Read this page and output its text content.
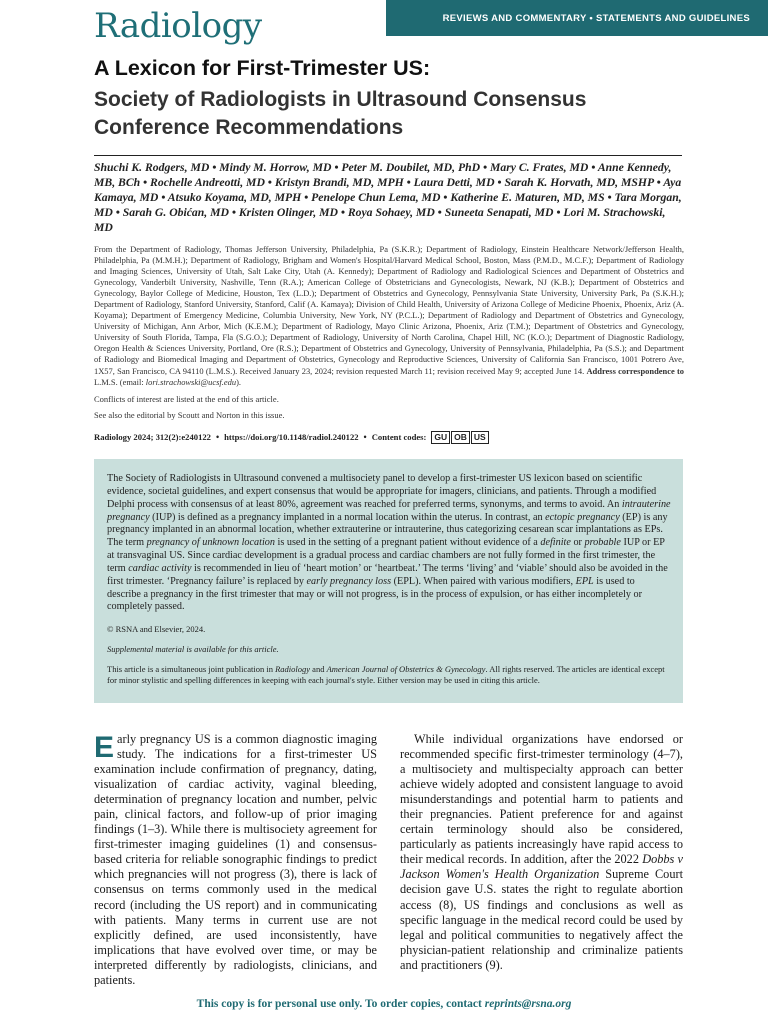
Radiology	REVIEWS AND COMMENTARY • STATEMENTS AND GUIDELINES
A Lexicon for First-Trimester US:
Society of Radiologists in Ultrasound Consensus Conference Recommendations
Shuchi K. Rodgers, MD • Mindy M. Horrow, MD • Peter M. Doubilet, MD, PhD • Mary C. Frates, MD • Anne Kennedy, MB, BCh • Rochelle Andreotti, MD • Kristyn Brandi, MD, MPH • Laura Detti, MD • Sarah K. Horvath, MD, MSHP • Aya Kamaya, MD • Atsuko Koyama, MD, MPH • Penelope Chun Lema, MD • Katherine E. Maturen, MD, MS • Tara Morgan, MD • Sarah G. Obićan, MD • Kristen Olinger, MD • Roya Sohaey, MD • Suneeta Senapati, MD • Lori M. Strachowski, MD
From the Department of Radiology, Thomas Jefferson University, Philadelphia, Pa (S.K.R.); Department of Radiology, Einstein Healthcare Network/Jefferson Health, Philadelphia, Pa (M.M.H.); Department of Radiology, Brigham and Women's Hospital/Harvard Medical School, Boston, Mass (P.M.D., M.C.F.); Department of Radiology and Imaging Sciences, University of Utah, Salt Lake City, Utah (A. Kennedy); Department of Radiology and Radiological Sciences and Department of Obstetrics and Gynecology, Vanderbilt University, Nashville, Tenn (R.A.); American College of Obstetricians and Gynecologists, Newark, NJ (K.B.); Department of Obstetrics and Gynecology, Baylor College of Medicine, Houston, Tex (L.D.); Department of Obstetrics and Gynecology, Pennsylvania State University, University Park, Pa (S.K.H.); Department of Radiology, Stanford University, Stanford, Calif (A. Kamaya); Division of Child Health, University of Arizona College of Medicine Phoenix, Phoenix, Ariz (A. Koyama); Department of Emergency Medicine, Columbia University, New York, NY (P.C.L.); Department of Radiology and Department of Obstetrics and Gynecology, University of Michigan, Ann Arbor, Mich (K.E.M.); Department of Radiology, Mayo Clinic Arizona, Phoenix, Ariz (T.M.); Department of Obstetrics and Gynecology, University of South Florida, Tampa, Fla (S.G.O.); Department of Radiology, University of North Carolina, Chapel Hill, NC (K.O.); Department of Diagnostic Radiology, Oregon Health & Sciences University, Portland, Ore (R.S.); Department of Obstetrics and Gynecology, University of Pennsylvania, Philadelphia, Pa (S.S.); and Department of Radiology and Biomedical Imaging and Department of Obstetrics, Gynecology and Reproductive Sciences, University of California San Francisco, 1001 Potrero Ave, 1X57, San Francisco, CA 94110 (L.M.S.). Received January 23, 2024; revision requested March 11; revision received May 9; accepted June 14. Address correspondence to L.M.S. (email: lori.strachowski@ucsf.edu).
Conflicts of interest are listed at the end of this article.
See also the editorial by Scoutt and Norton in this issue.
Radiology 2024; 312(2):e240122 • https://doi.org/10.1148/radiol.240122 • Content codes: GU OB US

The Society of Radiologists in Ultrasound convened a multisociety panel to develop a first-trimester US lexicon based on scientific evidence, societal guidelines, and expert consensus that would be appropriate for imagers, clinicians, and patients. Through a modified Delphi process with consensus of at least 80%, agreement was reached for preferred terms, synonyms, and terms to avoid. An intrauterine pregnancy (IUP) is defined as a pregnancy implanted in a normal location within the uterus. In contrast, an ectopic pregnancy (EP) is any pregnancy implanted in an abnormal location, whether extrauterine or intrauterine, thus categorizing cesarean scar implantations as EPs. The term pregnancy of unknown location is used in the setting of a pregnant patient without evidence of a definite or probable IUP or EP at transvaginal US. Since cardiac development is a gradual process and cardiac chambers are not fully formed in the first trimester, the term cardiac activity is recommended in lieu of ‘heart motion’ or ‘heartbeat.’ The terms ‘living’ and ‘viable’ should also be avoided in the first trimester. ‘Pregnancy failure’ is replaced by early pregnancy loss (EPL). When paired with various modifiers, EPL is used to describe a pregnancy in the first trimester that may or will not progress, is in the process of expulsion, or has either incompletely or completely passed.

© RSNA and Elsevier, 2024.

Supplemental material is available for this article.

This article is a simultaneous joint publication in Radiology and American Journal of Obstetrics & Gynecology. All rights reserved. The articles are identical except for minor stylistic and spelling differences in keeping with each journal's style. Either version may be used in citing this article.

Early pregnancy US is a common diagnostic imaging study. The indications for a first-trimester US examination include confirmation of pregnancy, dating, visualization of cardiac activity, vaginal bleeding, determination of pregnancy location and number, pelvic pain, clinical factors, and follow-up of prior imaging findings (1–3). While there is multisociety agreement for first-trimester imaging guidelines (1) and consensus-based criteria for reliable sonographic findings to predict which pregnancies will not progress (3), there is lack of consensus on terms commonly used in the medical record (including the US report) and in communicating with patients. Many terms in current use are not explicitly defined, are used inconsistently, have implications that have evolved over time, or may be interpreted differently by radiologists, clinicians, and patients.
While individual organizations have endorsed or recommended specific first-trimester terminology (4–7), a multisociety and multispecialty approach can better achieve widely adopted and consistent language to avoid misunderstandings and potential harm to patients and their pregnancies. Patient preference for and against certain terminology should also be considered, particularly as patients increasingly have rapid access to their medical records. In addition, after the 2022 Dobbs v Jackson Women's Health Organization Supreme Court decision gave U.S. states the right to regulate abortion access (8), US findings and conclusions as well as specific language in the medical record could be used by legal and political communities to negatively affect the physician-patient relationship and criminalize patients and practitioners (9).
This copy is for personal use only. To order copies, contact reprints@rsna.org
